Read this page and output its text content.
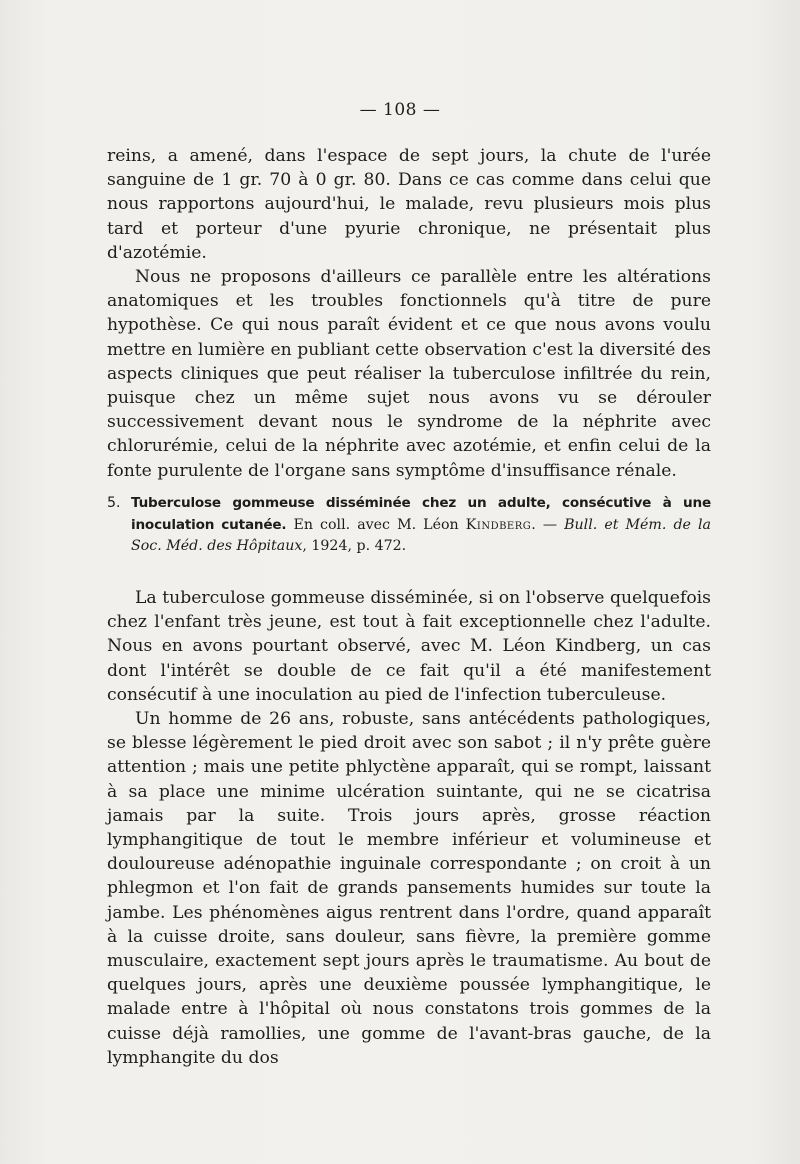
— 108 —

reins, a amené, dans l'espace de sept jours, la chute de l'urée sanguine de 1 gr. 70 à 0 gr. 80. Dans ce cas comme dans celui que nous rapportons aujourd'hui, le malade, revu plusieurs mois plus tard et porteur d'une pyurie chronique, ne présentait plus d'azotémie.

Nous ne proposons d'ailleurs ce parallèle entre les altérations anatomiques et les troubles fonctionnels qu'à titre de pure hypothèse. Ce qui nous paraît évident et ce que nous avons voulu mettre en lumière en publiant cette observation c'est la diversité des aspects cliniques que peut réaliser la tuberculose infiltrée du rein, puisque chez un même sujet nous avons vu se dérouler successivement devant nous le syndrome de la néphrite avec chlorurémie, celui de la néphrite avec azotémie, et enfin celui de la fonte purulente de l'organe sans symptôme d'insuffisance rénale.

5. Tuberculose gommeuse disséminée chez un adulte, consécutive à une inoculation cutanée. En coll. avec M. Léon Kindberg. — Bull. et Mém. de la Soc. Méd. des Hôpitaux, 1924, p. 472.

La tuberculose gommeuse disséminée, si on l'observe quelquefois chez l'enfant très jeune, est tout à fait exceptionnelle chez l'adulte. Nous en avons pourtant observé, avec M. Léon Kindberg, un cas dont l'intérêt se double de ce fait qu'il a été manifestement consécutif à une inoculation au pied de l'infection tuberculeuse.

Un homme de 26 ans, robuste, sans antécédents pathologiques, se blesse légèrement le pied droit avec son sabot ; il n'y prête guère attention ; mais une petite phlyctène apparaît, qui se rompt, laissant à sa place une minime ulcération suintante, qui ne se cicatrisa jamais par la suite. Trois jours après, grosse réaction lymphangitique de tout le membre inférieur et volumineuse et douloureuse adénopathie inguinale correspondante ; on croit à un phlegmon et l'on fait de grands pansements humides sur toute la jambe. Les phénomènes aigus rentrent dans l'ordre, quand apparaît à la cuisse droite, sans douleur, sans fièvre, la première gomme musculaire, exactement sept jours après le traumatisme. Au bout de quelques jours, après une deuxième poussée lymphangitique, le malade entre à l'hôpital où nous constatons trois gommes de la cuisse déjà ramollies, une gomme de l'avant-bras gauche, de la lymphangite du dos
